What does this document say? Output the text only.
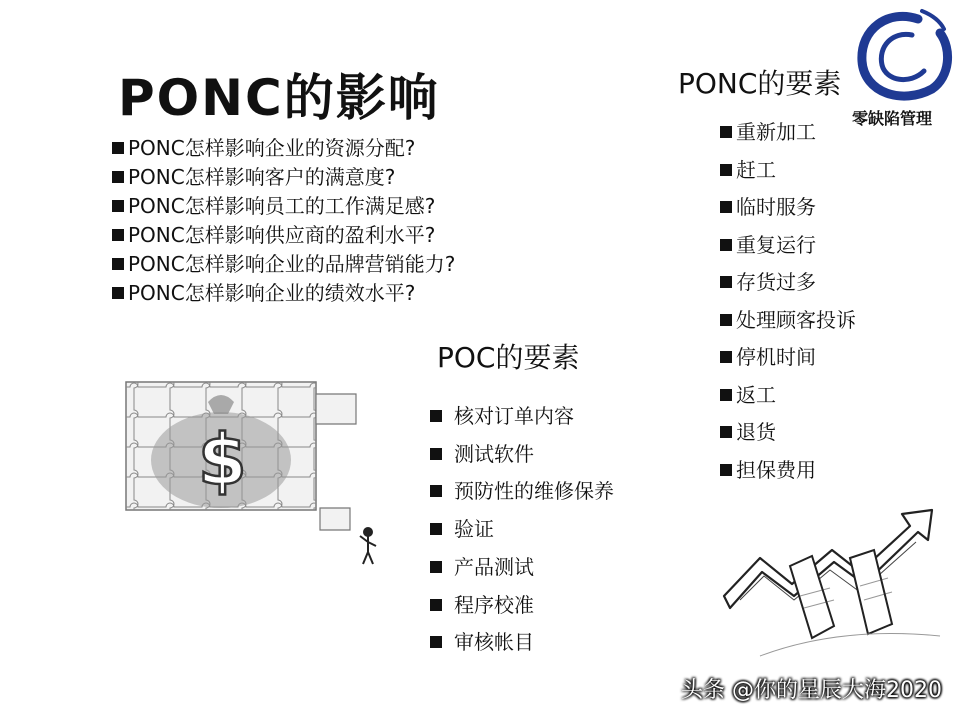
PONC的影响
PONC怎样影响企业的资源分配?
PONC怎样影响客户的满意度?
PONC怎样影响员工的工作满足感?
PONC怎样影响供应商的盈利水平?
PONC怎样影响企业的品牌营销能力?
PONC怎样影响企业的绩效水平?
PONC的要素
重新加工
赶工
临时服务
重复运行
存货过多
处理顾客投诉
停机时间
返工
退货
担保费用
POC的要素
核对订单内容
测试软件
预防性的维修保养
验证
产品测试
程序校准
审核帐目
零缺陷管理
$
头条 @你的星辰大海2020
